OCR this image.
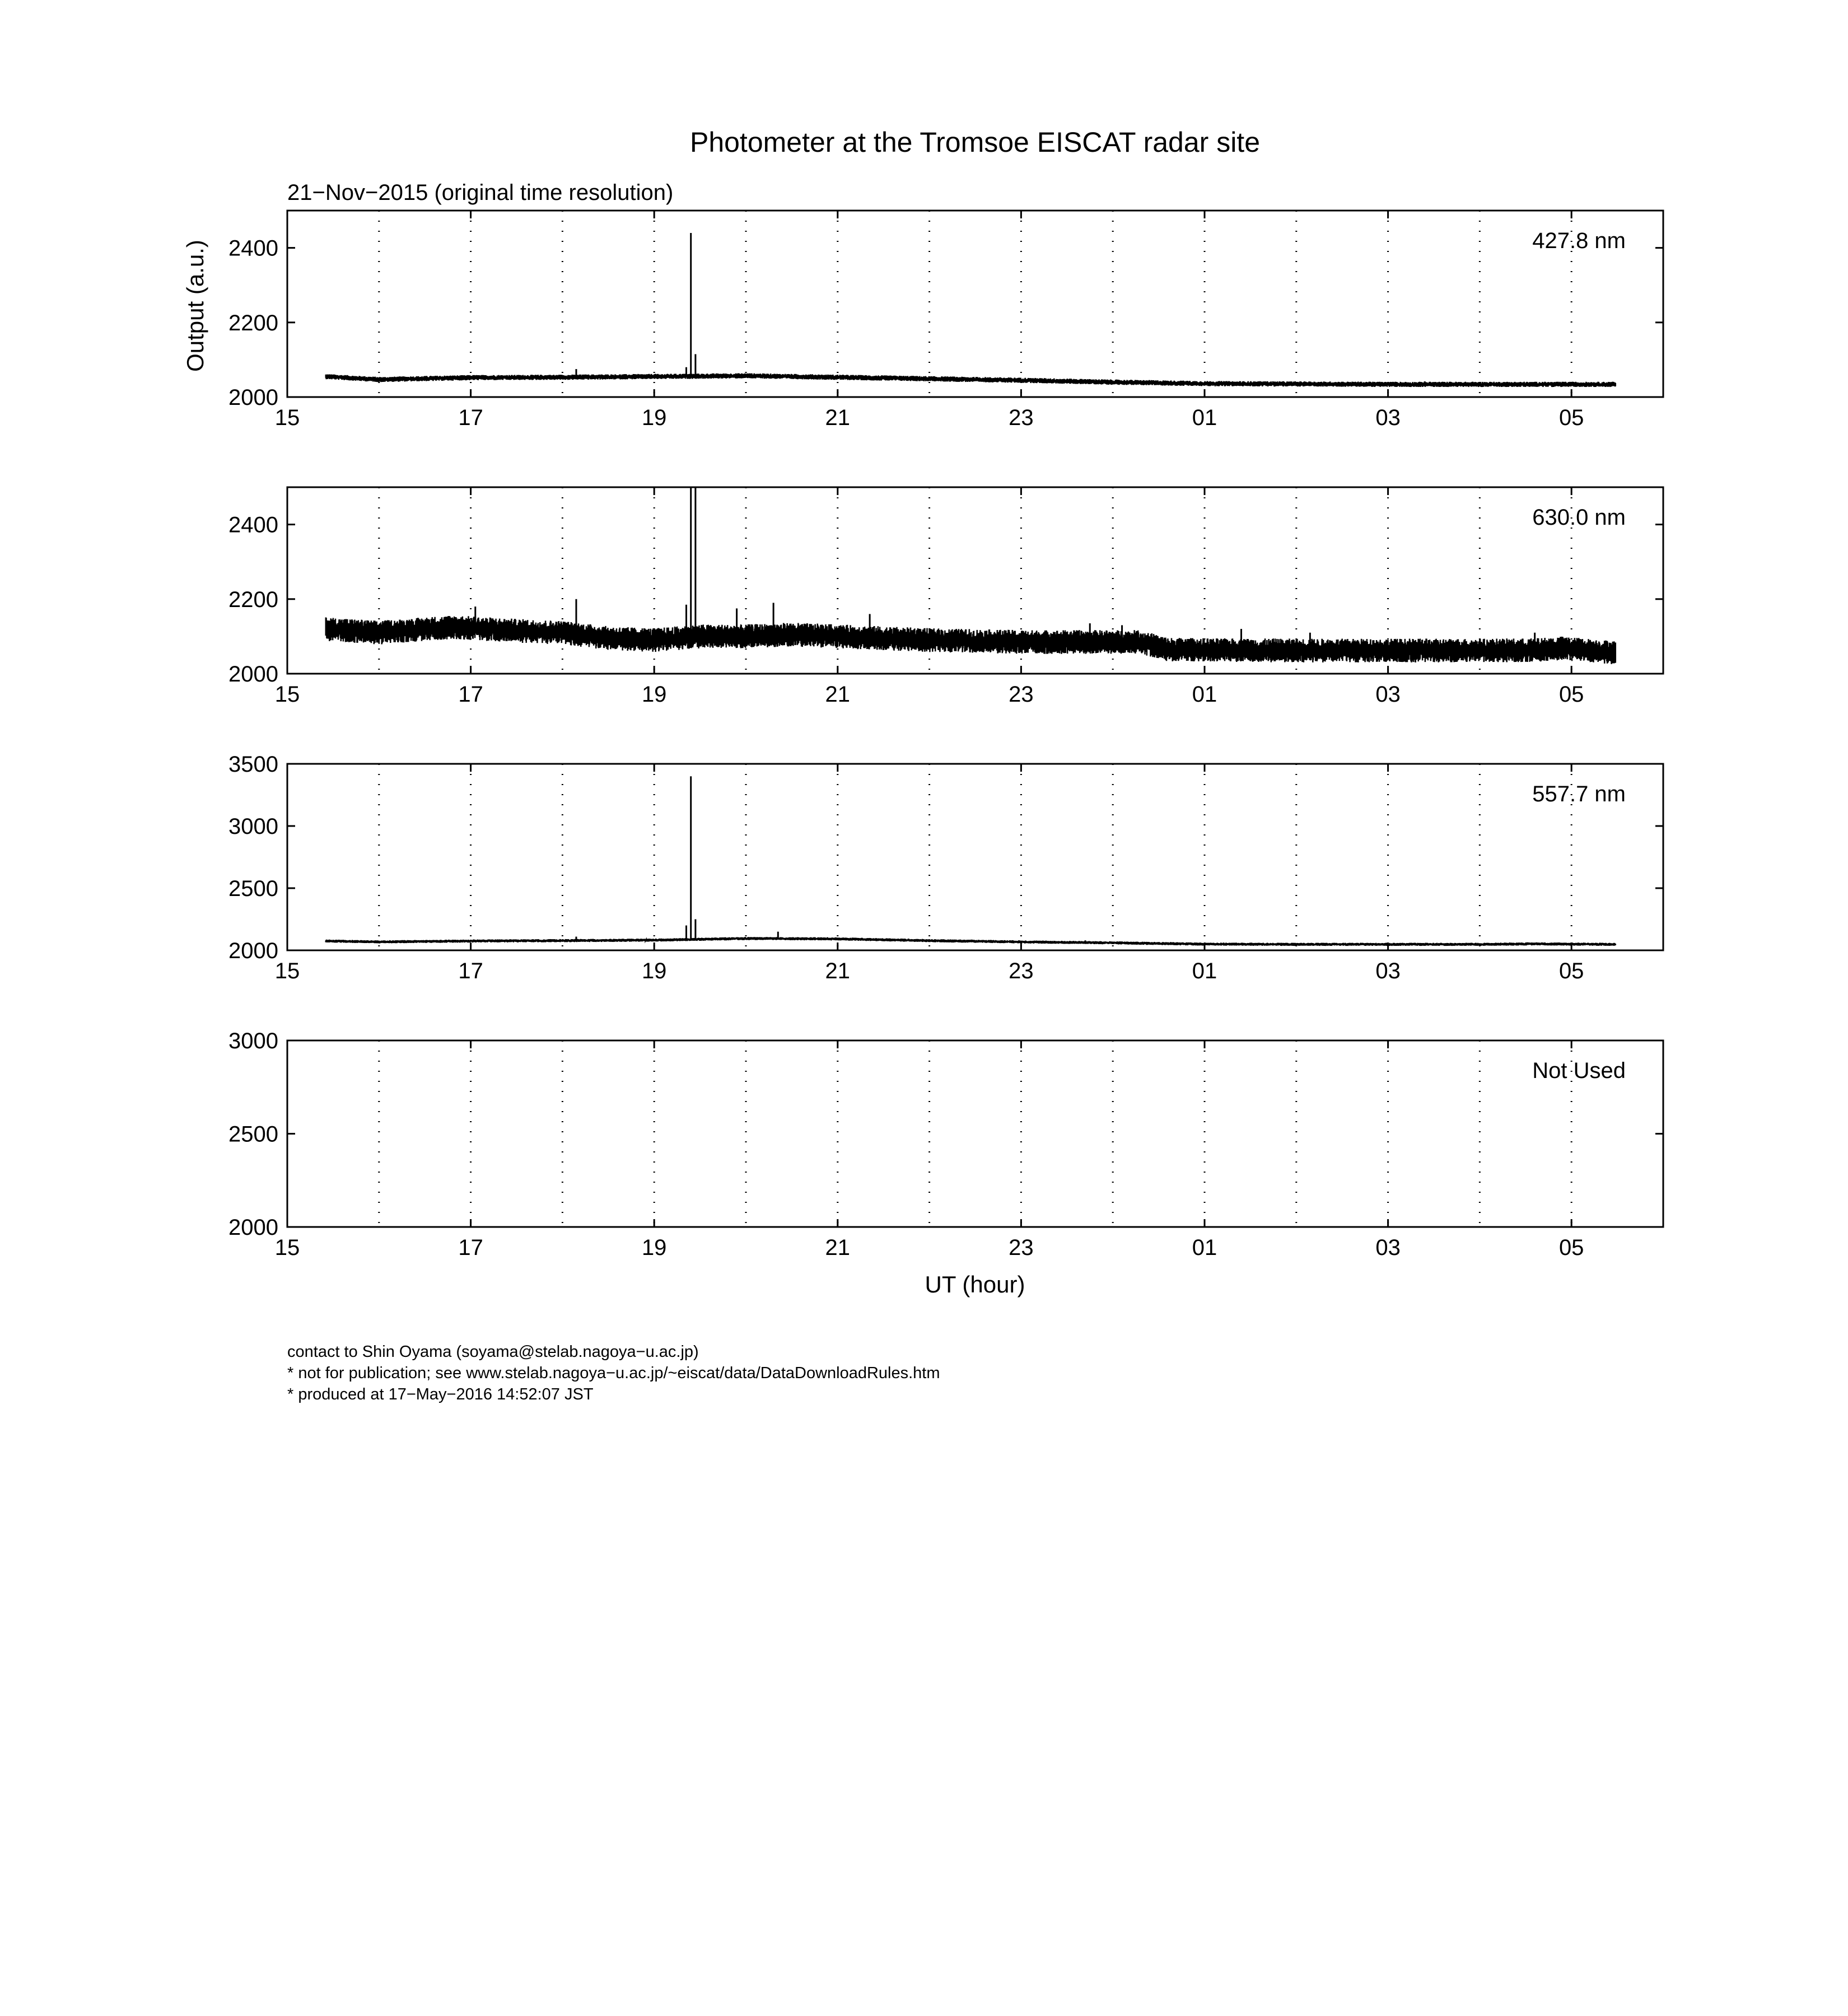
Photometer at the Tromsoe EISCAT radar site
21−Nov−2015 (original time resolution)
Output (a.u.)
UT (hour)
15	17	19	21	23	01	03	05
2000
2200
2400	427.8 nm
15	17	19	21	23	01	03	05
2000
2200
2400	630.0 nm
15	17	19	21	23	01	03	05
2000
2500
3000
3500
557.7 nm
15	17	19	21	23	01	03	05
2000
2500
3000
Not Used
contact to Shin Oyama (soyama@stelab.nagoya−u.ac.jp)
* not for publication; see www.stelab.nagoya−u.ac.jp/~eiscat/data/DataDownloadRules.htm
* produced at 17−May−2016 14:52:07 JST
